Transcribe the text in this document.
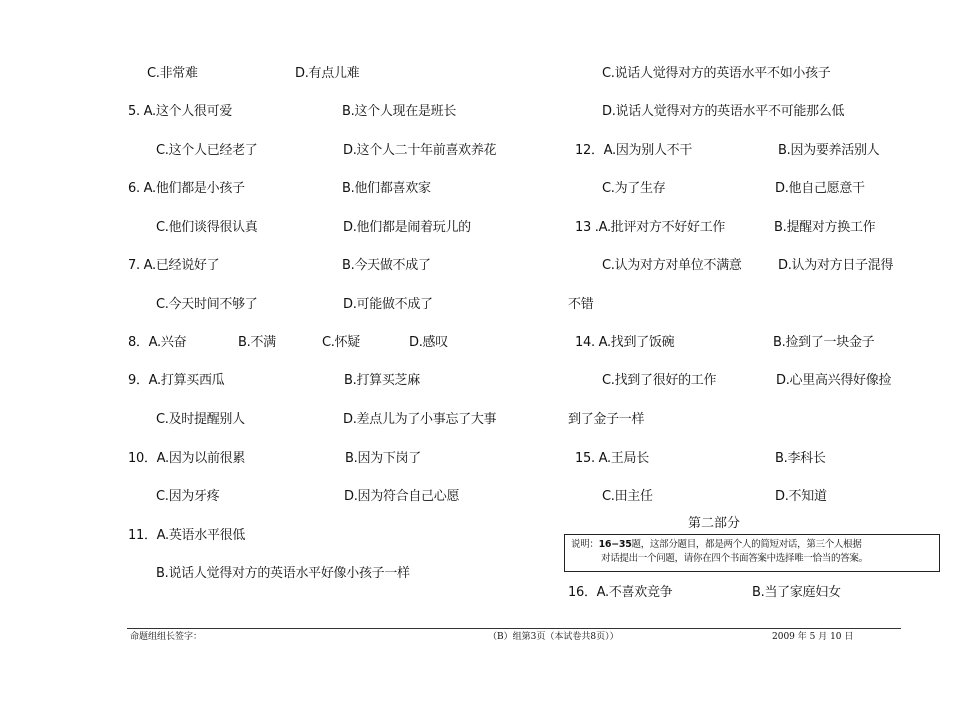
C.非常难	D.有点儿难
5. A.这个人很可爱	B.这个人现在是班长
C.这个人已经老了	D.这个人二十年前喜欢养花
6. A.他们都是小孩子	B.他们都喜欢家
C.他们谈得很认真	D.他们都是闹着玩儿的
7. A.已经说好了	B.今天做不成了
C.今天时间不够了	D.可能做不成了
8．A.兴奋	B.不满	C.怀疑	D.感叹
9．A.打算买西瓜	B.打算买芝麻
C.及时提醒别人	D.差点儿为了小事忘了大事
10．A.因为以前很累	B.因为下岗了
C.因为牙疼	D.因为符合自己心愿
11．A.英语水平很低
B.说话人觉得对方的英语水平好像小孩子一样
C.说话人觉得对方的英语水平不如小孩子
D.说话人觉得对方的英语水平不可能那么低
12．A.因为别人不干	B.因为要养活别人
C.为了生存	D.他自己愿意干
13 .A.批评对方不好好工作	B.提醒对方换工作
C.认为对方对单位不满意	D.认为对方日子混得
不错
14. A.找到了饭碗	B.捡到了一块金子
C.找到了很好的工作	D.心里高兴得好像捡
到了金子一样
15. A.王局长	B.李科长
C.田主任	D.不知道
第二部分
说明：16−35题，这部分题目，都是两个人的简短对话，第三个人根据
对话提出一个问题，请你在四个书面答案中选择唯一恰当的答案。
16．A.不喜欢竞争	B.当了家庭妇女
命题组组长签字：	（B）组第3页（本试卷共8页））	2009 年 5 月 10 日
